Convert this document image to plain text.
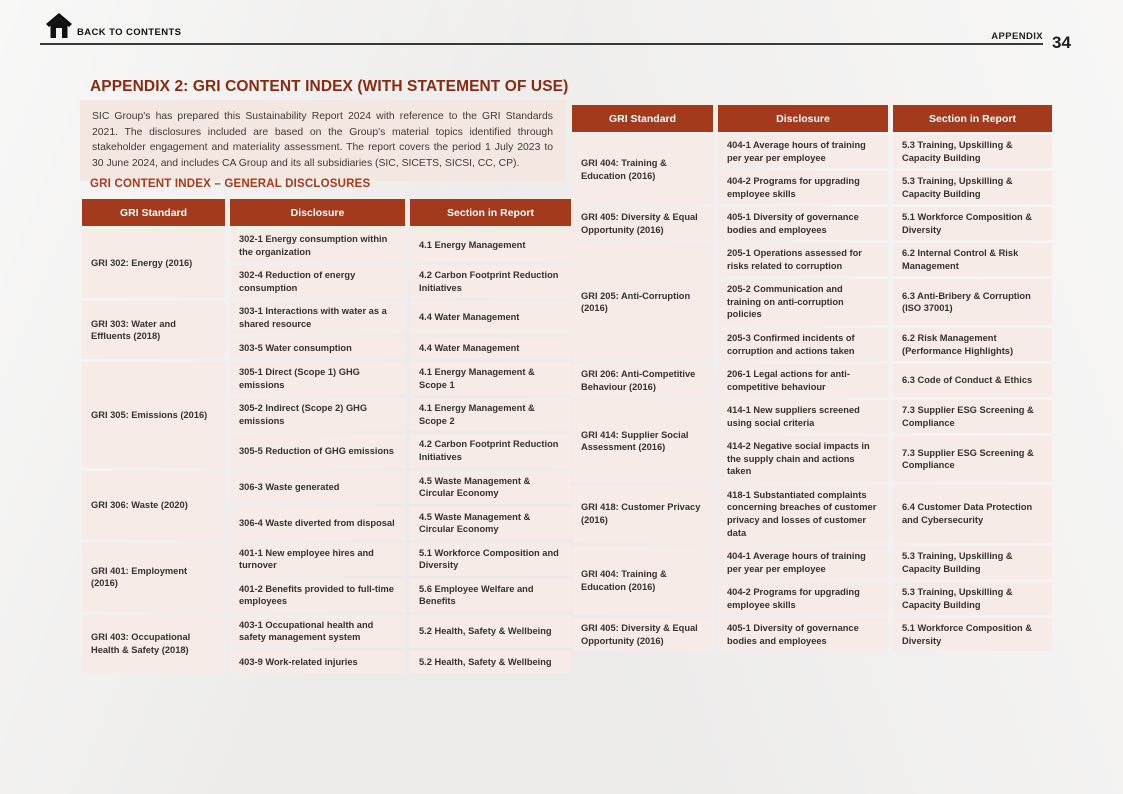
BACK TO CONTENTS	APPENDIX 34
APPENDIX 2: GRI CONTENT INDEX (WITH STATEMENT OF USE)
SIC Group's has prepared this Sustainability Report 2024 with reference to the GRI Standards 2021. The disclosures included are based on the Group's material topics identified through stakeholder engagement and materiality assessment. The report covers the period 1 July 2023 to 30 June 2024, and includes CA Group and its all subsidiaries (SIC, SICETS, SICSI, CC, CP).
GRI CONTENT INDEX – GENERAL DISCLOSURES
GRI Standard	Disclosure	Section in Report
GRI 302: Energy (2016)	302-1 Energy consumption within the organization	4.1 Energy Management
	302-4 Reduction of energy consumption	4.2 Carbon Footprint Reduction Initiatives
GRI 303: Water and Effluents (2018)	303-1 Interactions with water as a shared resource	4.4 Water Management
	303-5 Water consumption	4.4 Water Management
GRI 305: Emissions (2016)	305-1 Direct (Scope 1) GHG emissions	4.1 Energy Management & Scope 1
	305-2 Indirect (Scope 2) GHG emissions	4.1 Energy Management & Scope 2
	305-5 Reduction of GHG emissions	4.2 Carbon Footprint Reduction Initiatives
GRI 306: Waste (2020)	306-3 Waste generated	4.5 Waste Management & Circular Economy
	306-4 Waste diverted from disposal	4.5 Waste Management & Circular Economy
GRI 401: Employment (2016)	401-1 New employee hires and turnover	5.1 Workforce Composition and Diversity
	401-2 Benefits provided to full-time employees	5.6 Employee Welfare and Benefits
GRI 403: Occupational Health & Safety (2018)	403-1 Occupational health and safety management system	5.2 Health, Safety & Wellbeing
	403-9 Work-related injuries	5.2 Health, Safety & Wellbeing
GRI Standard	Disclosure	Section in Report
GRI 404: Training & Education (2016)	404-1 Average hours of training per year per employee	5.3 Training, Upskilling & Capacity Building
	404-2 Programs for upgrading employee skills	5.3 Training, Upskilling & Capacity Building
GRI 405: Diversity & Equal Opportunity (2016)	405-1 Diversity of governance bodies and employees	5.1 Workforce Composition & Diversity
GRI 205: Anti-Corruption (2016)	205-1 Operations assessed for risks related to corruption	6.2 Internal Control & Risk Management
	205-2 Communication and training on anti-corruption policies	6.3 Anti-Bribery & Corruption (ISO 37001)
	205-3 Confirmed incidents of corruption and actions taken	6.2 Risk Management (Performance Highlights)
GRI 206: Anti-Competitive Behaviour (2016)	206-1 Legal actions for anti-competitive behaviour	6.3 Code of Conduct & Ethics
GRI 414: Supplier Social Assessment (2016)	414-1 New suppliers screened using social criteria	7.3 Supplier ESG Screening & Compliance
	414-2 Negative social impacts in the supply chain and actions taken	7.3 Supplier ESG Screening & Compliance
GRI 418: Customer Privacy (2016)	418-1 Substantiated complaints concerning breaches of customer privacy and losses of customer data	6.4 Customer Data Protection and Cybersecurity
GRI 404: Training & Education (2016)	404-1 Average hours of training per year per employee	5.3 Training, Upskilling & Capacity Building
	404-2 Programs for upgrading employee skills	5.3 Training, Upskilling & Capacity Building
GRI 405: Diversity & Equal Opportunity (2016)	405-1 Diversity of governance bodies and employees	5.1 Workforce Composition & Diversity
